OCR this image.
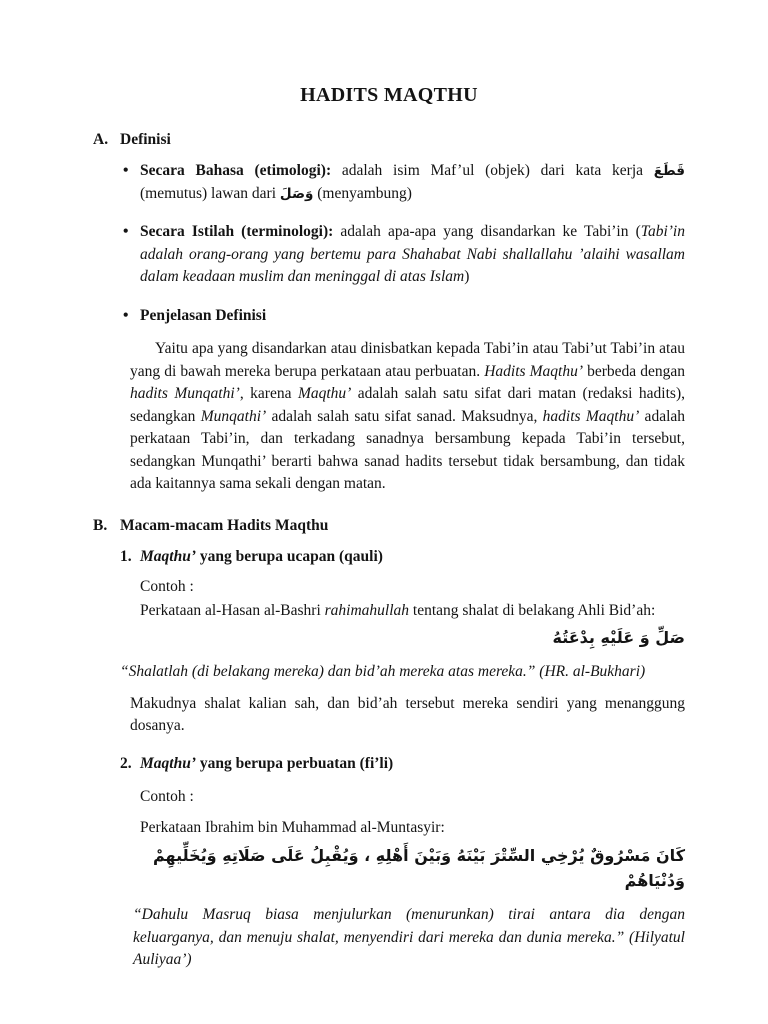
HADITS MAQTHU
A. Definisi

• Secara Bahasa (etimologi): adalah isim Maf’ul (objek) dari kata kerja قَطَعَ (memutus) lawan dari وَصَلَ (menyambung)

• Secara Istilah (terminologi): adalah apa-apa yang disandarkan ke Tabi’in (Tabi’in adalah orang-orang yang bertemu para Shahabat Nabi shallallahu ’alaihi wasallam dalam keadaan muslim dan meninggal di atas Islam)

• Penjelasan Definisi

Yaitu apa yang disandarkan atau dinisbatkan kepada Tabi’in atau Tabi’ut Tabi’in atau yang di bawah mereka berupa perkataan atau perbuatan. Hadits Maqthu’ berbeda dengan hadits Munqathi’, karena Maqthu’ adalah salah satu sifat dari matan (redaksi hadits), sedangkan Munqathi’ adalah salah satu sifat sanad. Maksudnya, hadits Maqthu’ adalah perkataan Tabi’in, dan terkadang sanadnya bersambung kepada Tabi’in tersebut, sedangkan Munqathi’ berarti bahwa sanad hadits tersebut tidak bersambung, dan tidak ada kaitannya sama sekali dengan matan.

B. Macam-macam Hadits Maqthu

1. Maqthu’ yang berupa ucapan (qauli)

Contoh :

Perkataan al-Hasan al-Bashri rahimahullah tentang shalat di belakang Ahli Bid’ah:

صَلِّ وَ عَلَيْهِ بِدْعَتُهُ

“Shalatlah (di belakang mereka) dan bid’ah mereka atas mereka.” (HR. al-Bukhari)

Makudnya shalat kalian sah, dan bid’ah tersebut mereka sendiri yang menanggung dosanya.

2. Maqthu’ yang berupa perbuatan (fi’li)

Contoh :

Perkataan Ibrahim bin Muhammad al-Muntasyir:

كَانَ مَسْرُوقٌ يُرْخِي السِّتْرَ بَيْنَهُ وَبَيْنَ أَهْلِهِ ، وَيُقْبِلُ عَلَى صَلَاتِهِ وَيُخَلِّيهِمْ وَدُنْيَاهُمْ

“Dahulu Masruq biasa menjulurkan (menurunkan) tirai antara dia dengan keluarganya, dan menuju shalat, menyendiri dari mereka dan dunia mereka.” (Hilyatul Auliyaa’)
